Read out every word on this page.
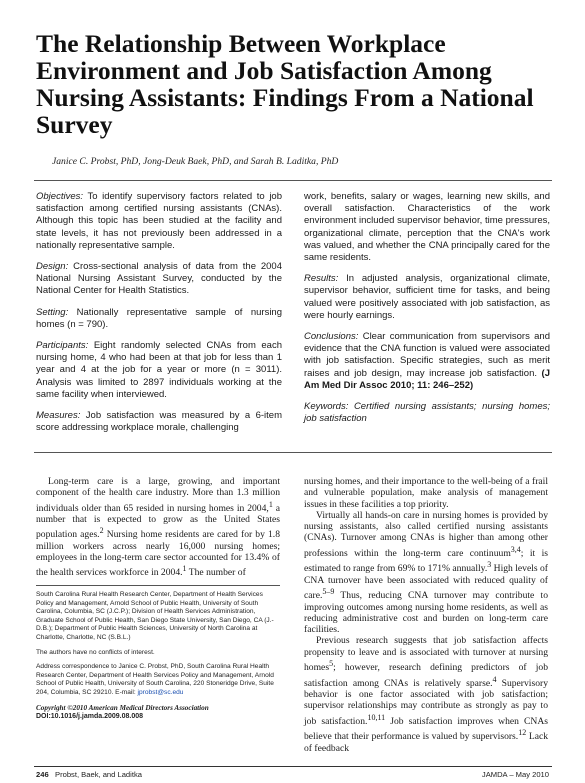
The Relationship Between Workplace Environment and Job Satisfaction Among Nursing Assistants: Findings From a National Survey
Janice C. Probst, PhD, Jong-Deuk Baek, PhD, and Sarah B. Laditka, PhD

Objectives: To identify supervisory factors related to job satisfaction among certified nursing assistants (CNAs). Although this topic has been studied at the facility and state levels, it has not previously been addressed in a nationally representative sample.

Design: Cross-sectional analysis of data from the 2004 National Nursing Assistant Survey, conducted by the National Center for Health Statistics.

Setting: Nationally representative sample of nursing homes (n = 790).

Participants: Eight randomly selected CNAs from each nursing home, 4 who had been at that job for less than 1 year and 4 at the job for a year or more (n = 3011). Analysis was limited to 2897 individuals working at the same facility when interviewed.

Measures: Job satisfaction was measured by a 6-item score addressing workplace morale, challenging

work, benefits, salary or wages, learning new skills, and overall satisfaction. Characteristics of the work environment included supervisor behavior, time pressures, organizational climate, perception that the CNA's work was valued, and whether the CNA principally cared for the same residents.

Results: In adjusted analysis, organizational climate, supervisor behavior, sufficient time for tasks, and being valued were positively associated with job satisfaction, as were hourly earnings.

Conclusions: Clear communication from supervisors and evidence that the CNA function is valued were associated with job satisfaction. Specific strategies, such as merit raises and job design, may increase job satisfaction. (J Am Med Dir Assoc 2010; 11: 246–252)

Keywords: Certified nursing assistants; nursing homes; job satisfaction

Long-term care is a large, growing, and important component of the health care industry. More than 1.3 million individuals older than 65 resided in nursing homes in 2004,$^1$ a number that is expected to grow as the United States population ages.$^2$ Nursing home residents are cared for by 1.8 million workers across nearly 16,000 nursing homes; employees in the long-term care sector accounted for 13.4% of the health services workforce in 2004.$^1$ The number of

South Carolina Rural Health Research Center, Department of Health Services Policy and Management, Arnold School of Public Health, University of South Carolina, Columbia, SC (J.C.P.); Division of Health Services Administration, Graduate School of Public Health, San Diego State University, San Diego, CA (J.-D.B.); Department of Public Health Sciences, University of North Carolina at Charlotte, Charlotte, NC (S.B.L.)

The authors have no conflicts of interest.

Address correspondence to Janice C. Probst, PhD, South Carolina Rural Health Research Center, Department of Health Services Policy and Management, Arnold School of Public Health, University of South Carolina, 220 Stoneridge Drive, Suite 204, Columbia, SC 29210. E-mail: jprobst@sc.edu

Copyright ©2010 American Medical Directors Association

DOI:10.1016/j.jamda.2009.08.008

nursing homes, and their importance to the well-being of a frail and vulnerable population, make analysis of management issues in these facilities a top priority.

Virtually all hands-on care in nursing homes is provided by nursing assistants, also called certified nursing assistants (CNAs). Turnover among CNAs is higher than among other professions within the long-term care continuum$^{3,4}$; it is estimated to range from 69% to 171% annually.$^3$ High levels of CNA turnover have been associated with reduced quality of care.$^{5-9}$ Thus, reducing CNA turnover may contribute to improving outcomes among nursing home residents, as well as reducing administrative cost and burden on long-term care facilities.

Previous research suggests that job satisfaction affects propensity to leave and is associated with turnover at nursing homes$^5$; however, research defining predictors of job satisfaction among CNAs is relatively sparse.$^4$ Supervisory behavior is one factor associated with job satisfaction; supervisor relationships may contribute as strongly as pay to job satisfaction.$^{10,11}$ Job satisfaction improves when CNAs believe that their performance is valued by supervisors.$^{12}$ Lack of feedback

246 Probst, Baek, and Laditka	JAMDA – May 2010
